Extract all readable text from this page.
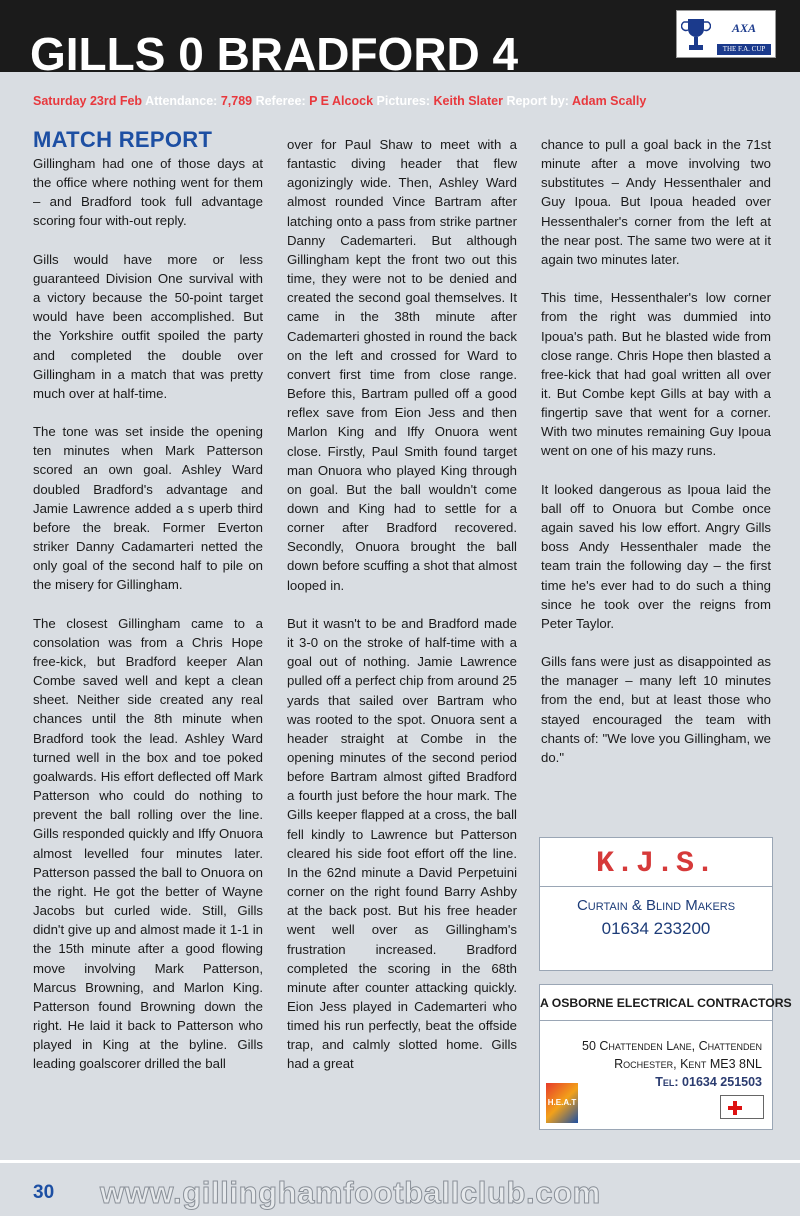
GILLS 0 BRADFORD 4	AXA
THE F.A. CUP
Saturday 23rd Feb Attendance: 7,789 Referee: P E Alcock Pictures: Keith Slater Report by: Adam Scally
MATCH REPORT

Gillingham had one of those days at the office where nothing went for them – and Bradford took full advantage scoring four with-out reply.

Gills would have more or less guaranteed Division One survival with a victory because the 50-point target would have been accomplished. But the Yorkshire outfit spoiled the party and completed the double over Gillingham in a match that was pretty much over at half-time.

The tone was set inside the opening ten minutes when Mark Patterson scored an own goal. Ashley Ward doubled Bradford's advantage and Jamie Lawrence added a s uperb third before the break. Former Everton striker Danny Cadamarteri netted the only goal of the second half to pile on the misery for Gillingham.

The closest Gillingham came to a consolation was from a Chris Hope free-kick, but Bradford keeper Alan Combe saved well and kept a clean sheet. Neither side created any real chances until the 8th minute when Bradford took the lead. Ashley Ward turned well in the box and toe poked goalwards. His effort deflected off Mark Patterson who could do nothing to prevent the ball rolling over the line. Gills responded quickly and Iffy Onuora almost levelled four minutes later. Patterson passed the ball to Onuora on the right. He got the better of Wayne Jacobs but curled wide. Still, Gills didn't give up and almost made it 1-1 in the 15th minute after a good flowing move involving Mark Patterson, Marcus Browning, and Marlon King. Patterson found Browning down the right. He laid it back to Patterson who played in King at the byline. Gills leading goalscorer drilled the ball

over for Paul Shaw to meet with a fantastic diving header that flew agonizingly wide. Then, Ashley Ward almost rounded Vince Bartram after latching onto a pass from strike partner Danny Cademarteri. But although Gillingham kept the front two out this time, they were not to be denied and created the second goal themselves. It came in the 38th minute after Cademarteri ghosted in round the back on the left and crossed for Ward to convert first time from close range. Before this, Bartram pulled off a good reflex save from Eion Jess and then Marlon King and Iffy Onuora went close. Firstly, Paul Smith found target man Onuora who played King through on goal. But the ball wouldn't come down and King had to settle for a corner after Bradford recovered. Secondly, Onuora brought the ball down before scuffing a shot that almost looped in.

But it wasn't to be and Bradford made it 3-0 on the stroke of half-time with a goal out of nothing. Jamie Lawrence pulled off a perfect chip from around 25 yards that sailed over Bartram who was rooted to the spot. Onuora sent a header straight at Combe in the opening minutes of the second period before Bartram almost gifted Bradford a fourth just before the hour mark. The Gills keeper flapped at a cross, the ball fell kindly to Lawrence but Patterson cleared his side foot effort off the line. In the 62nd minute a David Perpetuini corner on the right found Barry Ashby at the back post. But his free header went well over as Gillingham's frustration increased. Bradford completed the scoring in the 68th minute after counter attacking quickly. Eion Jess played in Cademarteri who timed his run perfectly, beat the offside trap, and calmly slotted home. Gills had a great

chance to pull a goal back in the 71st minute after a move involving two substitutes – Andy Hessenthaler and Guy Ipoua. But Ipoua headed over Hessenthaler's corner from the left at the near post. The same two were at it again two minutes later.

This time, Hessenthaler's low corner from the right was dummied into Ipoua's path. But he blasted wide from close range. Chris Hope then blasted a free-kick that had goal written all over it. But Combe kept Gills at bay with a fingertip save that went for a corner. With two minutes remaining Guy Ipoua went on one of his mazy runs.

It looked dangerous as Ipoua laid the ball off to Onuora but Combe once again saved his low effort. Angry Gills boss Andy Hessenthaler made the team train the following day – the first time he's ever had to do such a thing since he took over the reigns from Peter Taylor.

Gills fans were just as disappointed as the manager – many left 10 minutes from the end, but at least those who stayed encouraged the team with chants of: "We love you Gillingham, we do."

K.J.S.
Curtain & Blind Makers
01634 233200
A OSBORNE ELECTRICAL CONTRACTORS
50 Chattenden Lane, Chattenden
Rochester, Kent ME3 8NL
Tel: 01634 251503
H.E.A.T
30 www.gillinghamfootballclub.com
